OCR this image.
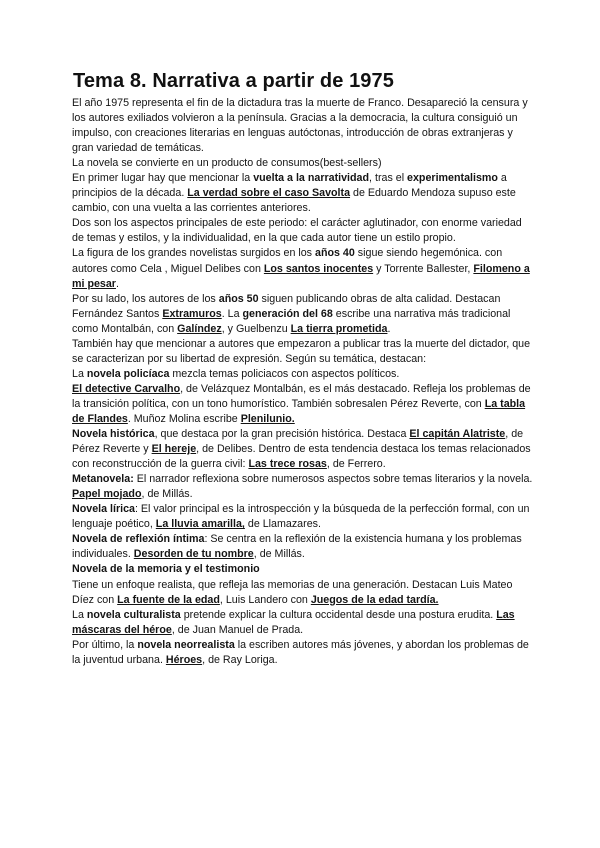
Tema 8. Narrativa a partir de 1975

El año 1975 representa el fin de la dictadura tras la muerte de Franco. Desapareció la censura y los autores exiliados volvieron a la península. Gracias a la democracia, la cultura consiguió un impulso, con creaciones literarias en lenguas autóctonas, introducción de obras extranjeras y gran variedad de temáticas.

La novela se convierte en un producto de consumos(best-sellers)

En primer lugar hay que mencionar la vuelta a la narratividad, tras el experimentalismo a principios de la década. La verdad sobre el caso Savolta de Eduardo Mendoza supuso este cambio, con una vuelta a las corrientes anteriores.

Dos son los aspectos principales de este periodo: el carácter aglutinador, con enorme variedad de temas y estilos, y la individualidad, en la que cada autor tiene un estilo propio.

La figura de los grandes novelistas surgidos en los años 40 sigue siendo hegemónica. con autores como Cela , Miguel Delibes con Los santos inocentes y Torrente Ballester, Filomeno a mi pesar.

Por su lado, los autores de los años 50 siguen publicando obras de alta calidad. Destacan Fernández Santos Extramuros. La generación del 68 escribe una narrativa más tradicional como Montalbán, con Galíndez, y Guelbenzu La tierra prometida.

También hay que mencionar a autores que empezaron a publicar tras la muerte del dictador, que se caracterizan por su libertad de expresión. Según su temática, destacan:

La novela policíaca mezcla temas policiacos con aspectos políticos.

El detective Carvalho, de Velázquez Montalbán, es el más destacado. Refleja los problemas de la transición política, con un tono humorístico. También sobresalen Pérez Reverte, con La tabla de Flandes. Muñoz Molina escribe Plenilunio.

Novela histórica, que destaca por la gran precisión histórica. Destaca El capitán Alatriste, de Pérez Reverte y El hereje, de Delibes. Dentro de esta tendencia destaca los temas relacionados con reconstrucción de la guerra civil: Las trece rosas, de Ferrero.

Metanovela: El narrador reflexiona sobre numerosos aspectos sobre temas literarios y la novela. Papel mojado, de Millás.

Novela lírica: El valor principal es la introspección y la búsqueda de la perfección formal, con un lenguaje poético, La lluvia amarilla, de Llamazares.

Novela de reflexión íntima: Se centra en la reflexión de la existencia humana y los problemas individuales. Desorden de tu nombre, de Millás.

Novela de la memoria y el testimonio

Tiene un enfoque realista, que refleja las memorias de una generación. Destacan Luis Mateo Díez con La fuente de la edad, Luis Landero con Juegos de la edad tardía.

La novela culturalista pretende explicar la cultura occidental desde una postura erudita. Las máscaras del héroe, de Juan Manuel de Prada.

Por último, la novela neorrealista la escriben autores más jóvenes, y abordan los problemas de la juventud urbana. Héroes, de Ray Loriga.
